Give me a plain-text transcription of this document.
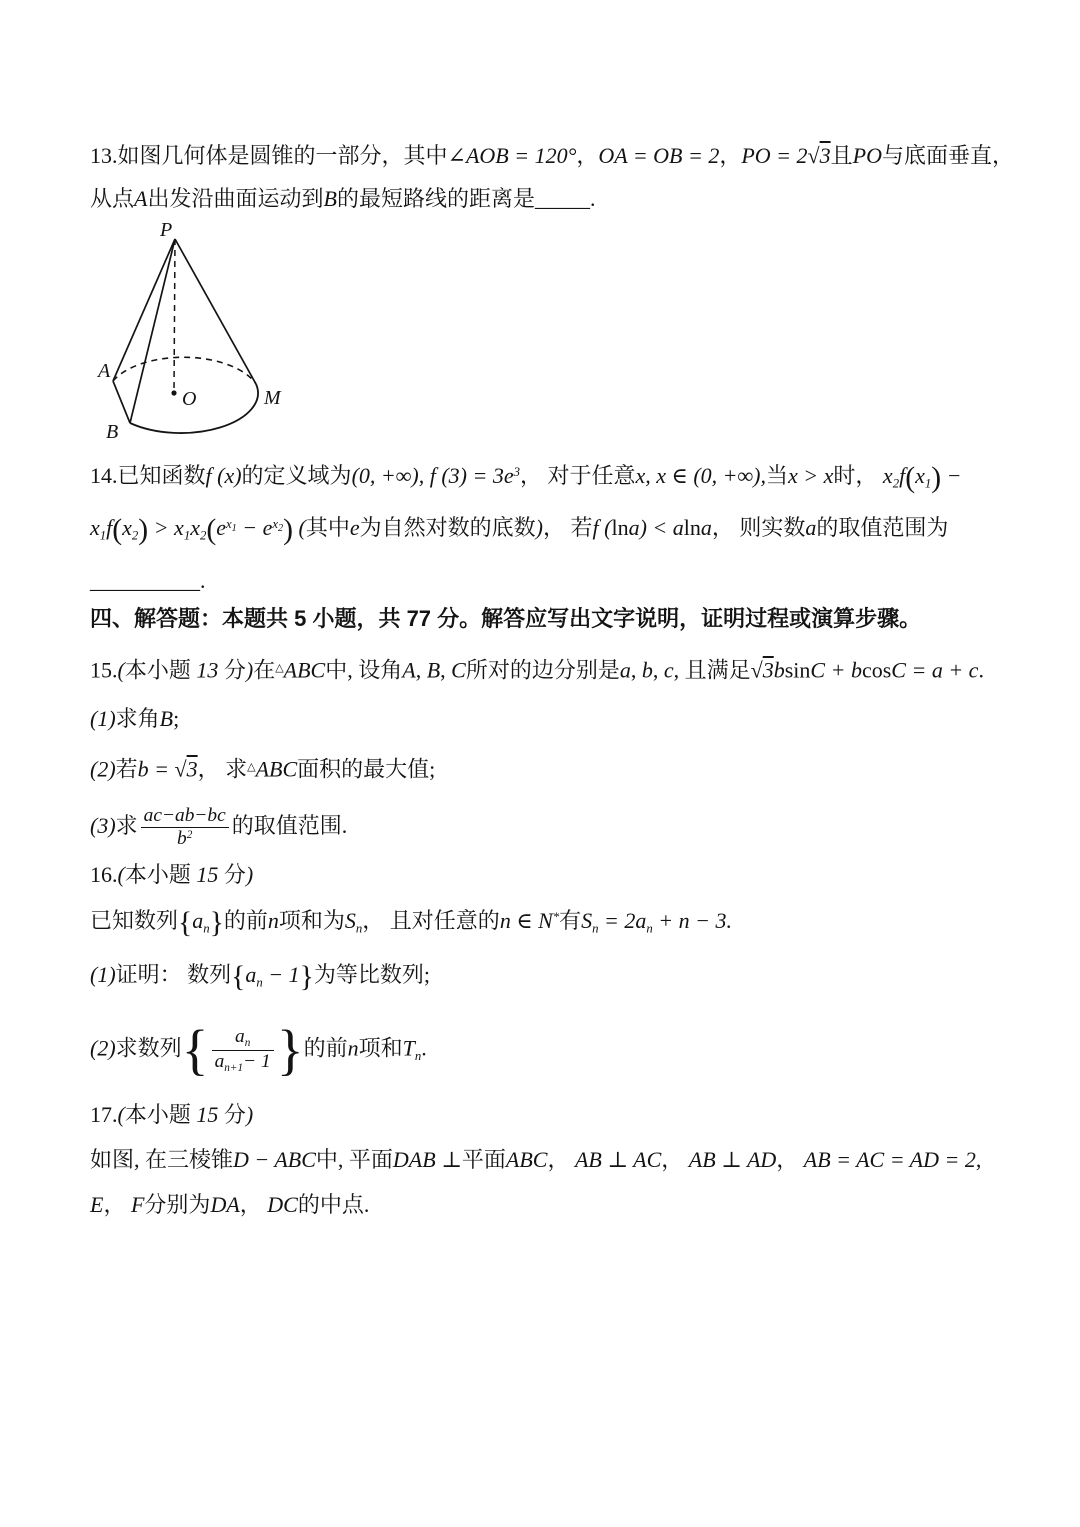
13.如图几何体是圆锥的一部分，其中∠AOB = 120°，OA = OB = 2，PO = 2√3且PO与底面垂直，
从点A出发沿曲面运动到B的最短路线的距离是_____.
P
A
B
O	M
14.已知函数f (x)的定义域为(0, +∞), f $(3) = 3e^3$， 对于任意x, x ∈ (0, +∞),当x > x时， $x_2f(x_1)$ −
$x_1f(x_2) > x_1x_2(e^{x_1} - e^{x_2})$ (其中e为自然对数的底数)， 若f (lna) < alna， 则实数a的取值范围为
__________.
四、解答题：本题共 5 小题，共 77 分。解答应写出文字说明，证明过程或演算步骤。
15.(本小题 13 分)在△ABC中, 设角A, B, C所对的边分别是a, b, c, 且满足√3bsinC + bcosC = a + c.
(1)求角B;
(2)若b = √3， 求△ABC面积的最大值;
(3)求 $\frac{ac-ab-bc}{b^2}$ 的取值范围.
16.(本小题 15 分)
已知数列$\{a_n\}$的前n项和为$S_n$， 且对任意的n ∈ N*有$S_n = 2a_n + n - 3$.
(1)证明： 数列$\{a_n - 1\}$为等比数列;
(2)求数列{ $\frac{a_n}{a_{n+1}- 1}$ }的前n项和$T_n$.
17.(本小题 15 分)
如图, 在三棱锥D − ABC中, 平面DAB ⊥平面ABC， AB ⊥ AC， AB ⊥ AD， AB = AC = AD = 2,
E， F分别为DA， DC的中点.
